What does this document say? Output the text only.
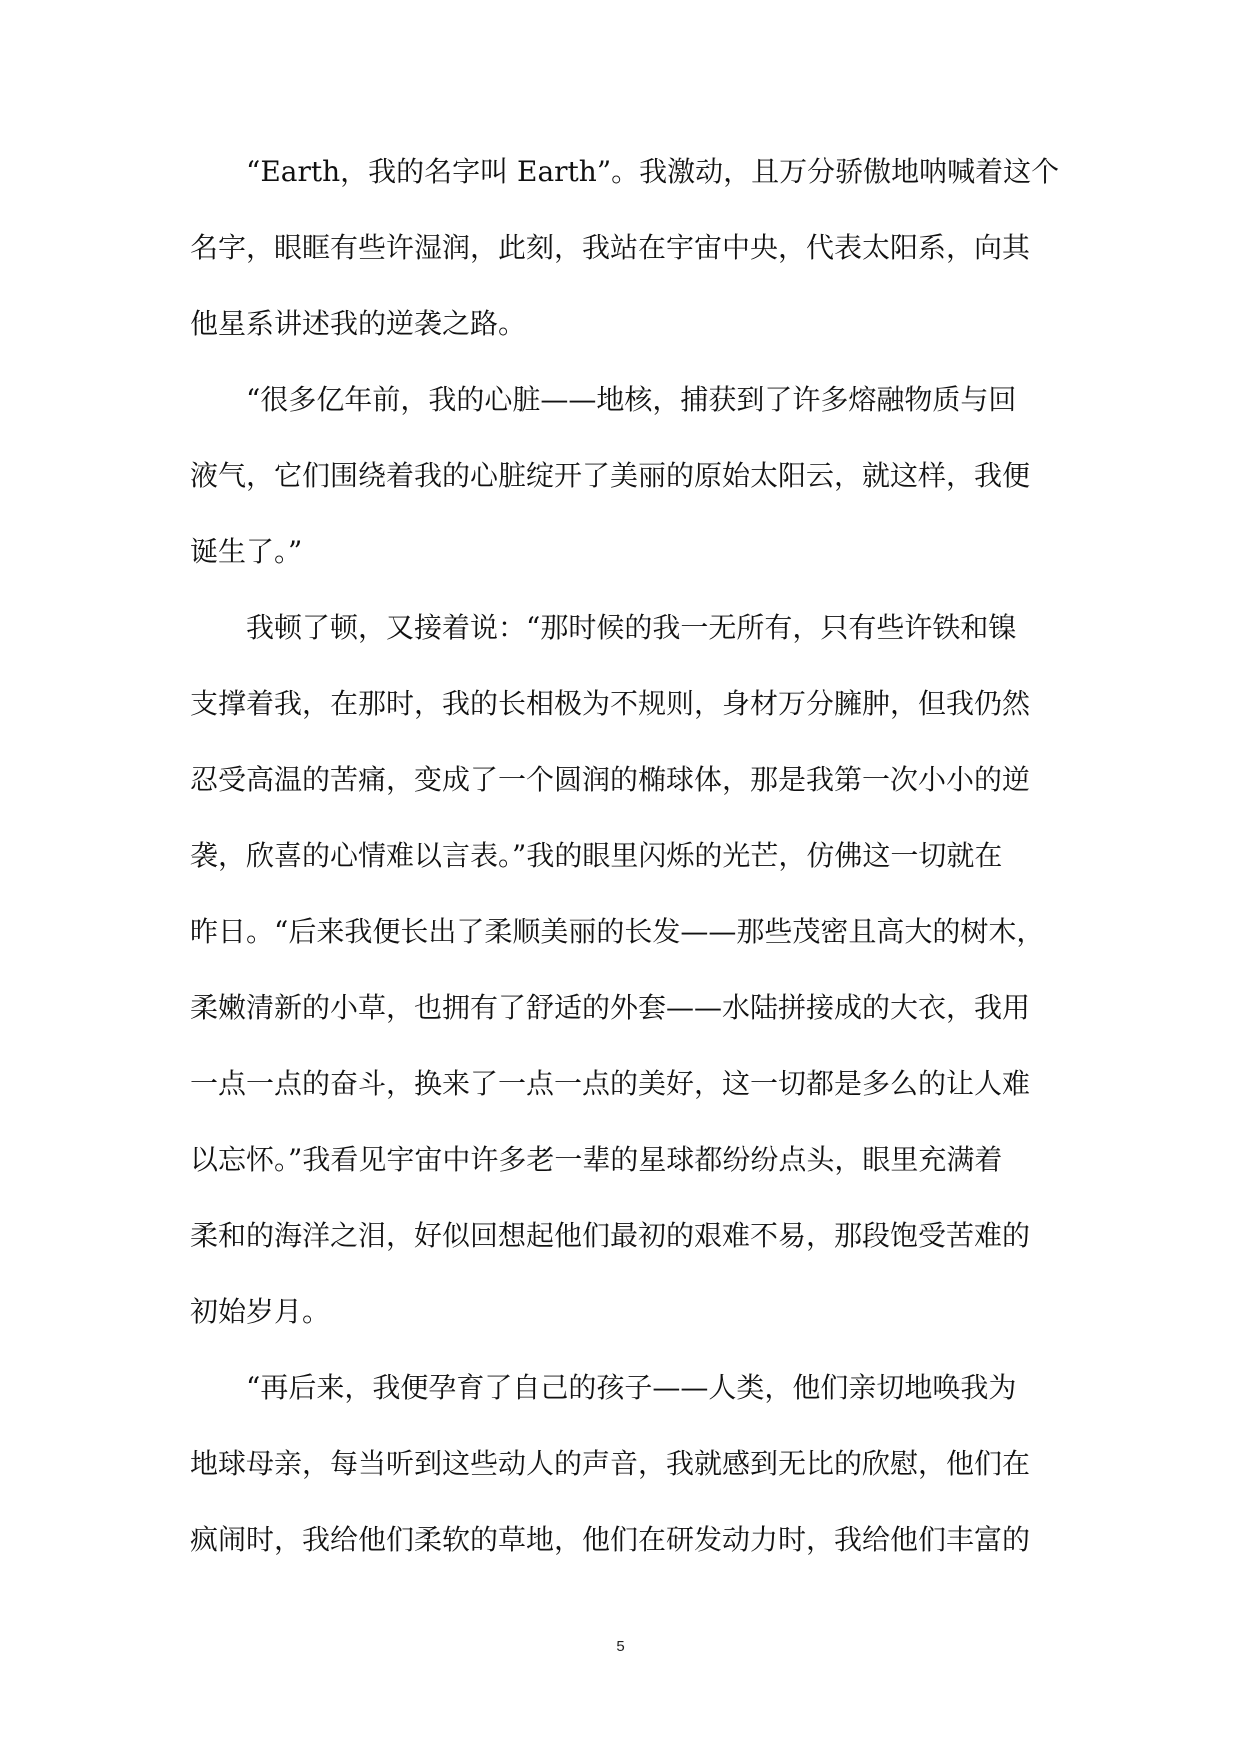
“Earth，我的名字叫 Earth”。我激动，且万分骄傲地呐喊着这个
名字，眼眶有些许湿润，此刻，我站在宇宙中央，代表太阳系，向其
他星系讲述我的逆袭之路。
“很多亿年前，我的心脏——地核，捕获到了许多熔融物质与回
液气，它们围绕着我的心脏绽开了美丽的原始太阳云，就这样，我便
诞生了。”
我顿了顿，又接着说：“那时候的我一无所有，只有些许铁和镍
支撑着我，在那时，我的长相极为不规则，身材万分臃肿，但我仍然
忍受高温的苦痛，变成了一个圆润的椭球体，那是我第一次小小的逆
袭，欣喜的心情难以言表。”我的眼里闪烁的光芒，仿佛这一切就在
昨日。“后来我便长出了柔顺美丽的长发——那些茂密且高大的树木，
柔嫩清新的小草，也拥有了舒适的外套——水陆拼接成的大衣，我用
一点一点的奋斗，换来了一点一点的美好，这一切都是多么的让人难
以忘怀。”我看见宇宙中许多老一辈的星球都纷纷点头，眼里充满着
柔和的海洋之泪，好似回想起他们最初的艰难不易，那段饱受苦难的
初始岁月。
“再后来，我便孕育了自己的孩子——人类，他们亲切地唤我为
地球母亲，每当听到这些动人的声音，我就感到无比的欣慰，他们在
疯闹时，我给他们柔软的草地，他们在研发动力时，我给他们丰富的
5
